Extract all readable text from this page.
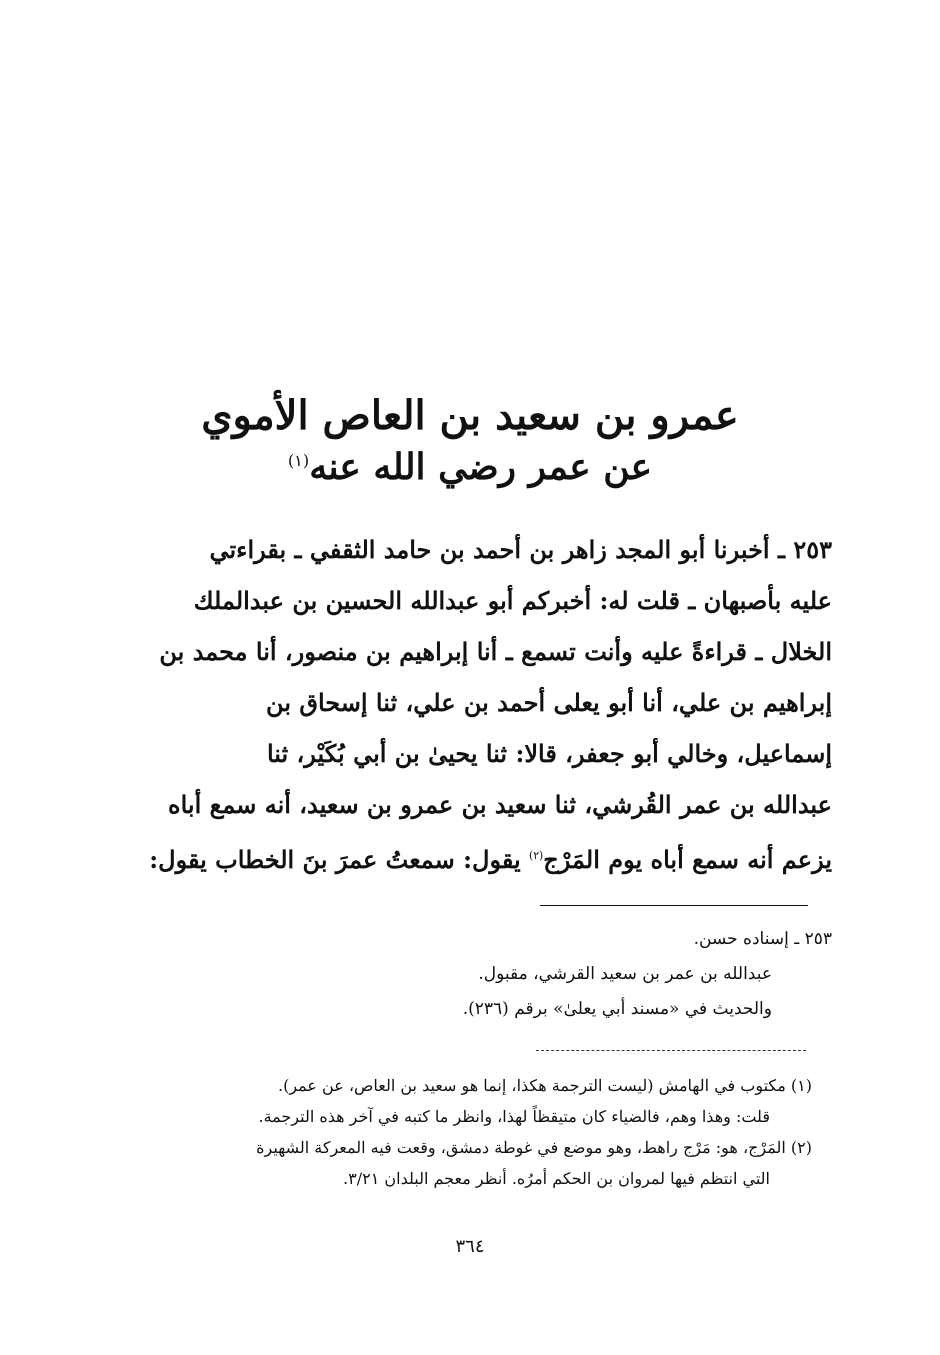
عمرو بن سعيد بن العاص الأموي
عن عمر رضي الله عنه$^{(١)}$
٢٥٣ ـ أخبرنا أبو المجد زاهر بن أحمد بن حامد الثقفي ـ بقراءتي
عليه بأصبهان ـ قلت له: أخبركم أبو عبدالله الحسين بن عبدالملك
الخلال ـ قراءةً عليه وأنت تسمع ـ أنا إبراهيم بن منصور، أنا محمد بن
إبراهيم بن علي، أنا أبو يعلى أحمد بن علي، ثنا إسحاق بن
إسماعيل، وخالي أبو جعفر، قالا: ثنا يحيىٰ بن أبي بُكَيْر، ثنا
عبدالله بن عمر القُرشي، ثنا سعيد بن عمرو بن سعيد، أنه سمع أباه
يزعم أنه سمع أباه يوم المَرْج$^{(٢)}$ يقول: سمعتُ عمرَ بنَ الخطاب يقول:
٢٥٣ ـ إسناده حسن.
عبدالله بن عمر بن سعيد القرشي، مقبول.
والحديث في «مسند أبي يعلىٰ» برقم (٢٣٦).
(١) مكتوب في الهامش (ليست الترجمة هكذا، إنما هو سعيد بن العاص، عن عمر).
قلت: وهذا وهم، فالضياء كان متيقظاً لهذا، وانظر ما كتبه في آخر هذه الترجمة.
(٢) المَرْج، هو: مَرْج راهط، وهو موضع في غوطة دمشق، وقعت فيه المعركة الشهيرة
التي انتظم فيها لمروان بن الحكم أمرُه. أنظر معجم البلدان ٣/٢١.
٣٦٤
